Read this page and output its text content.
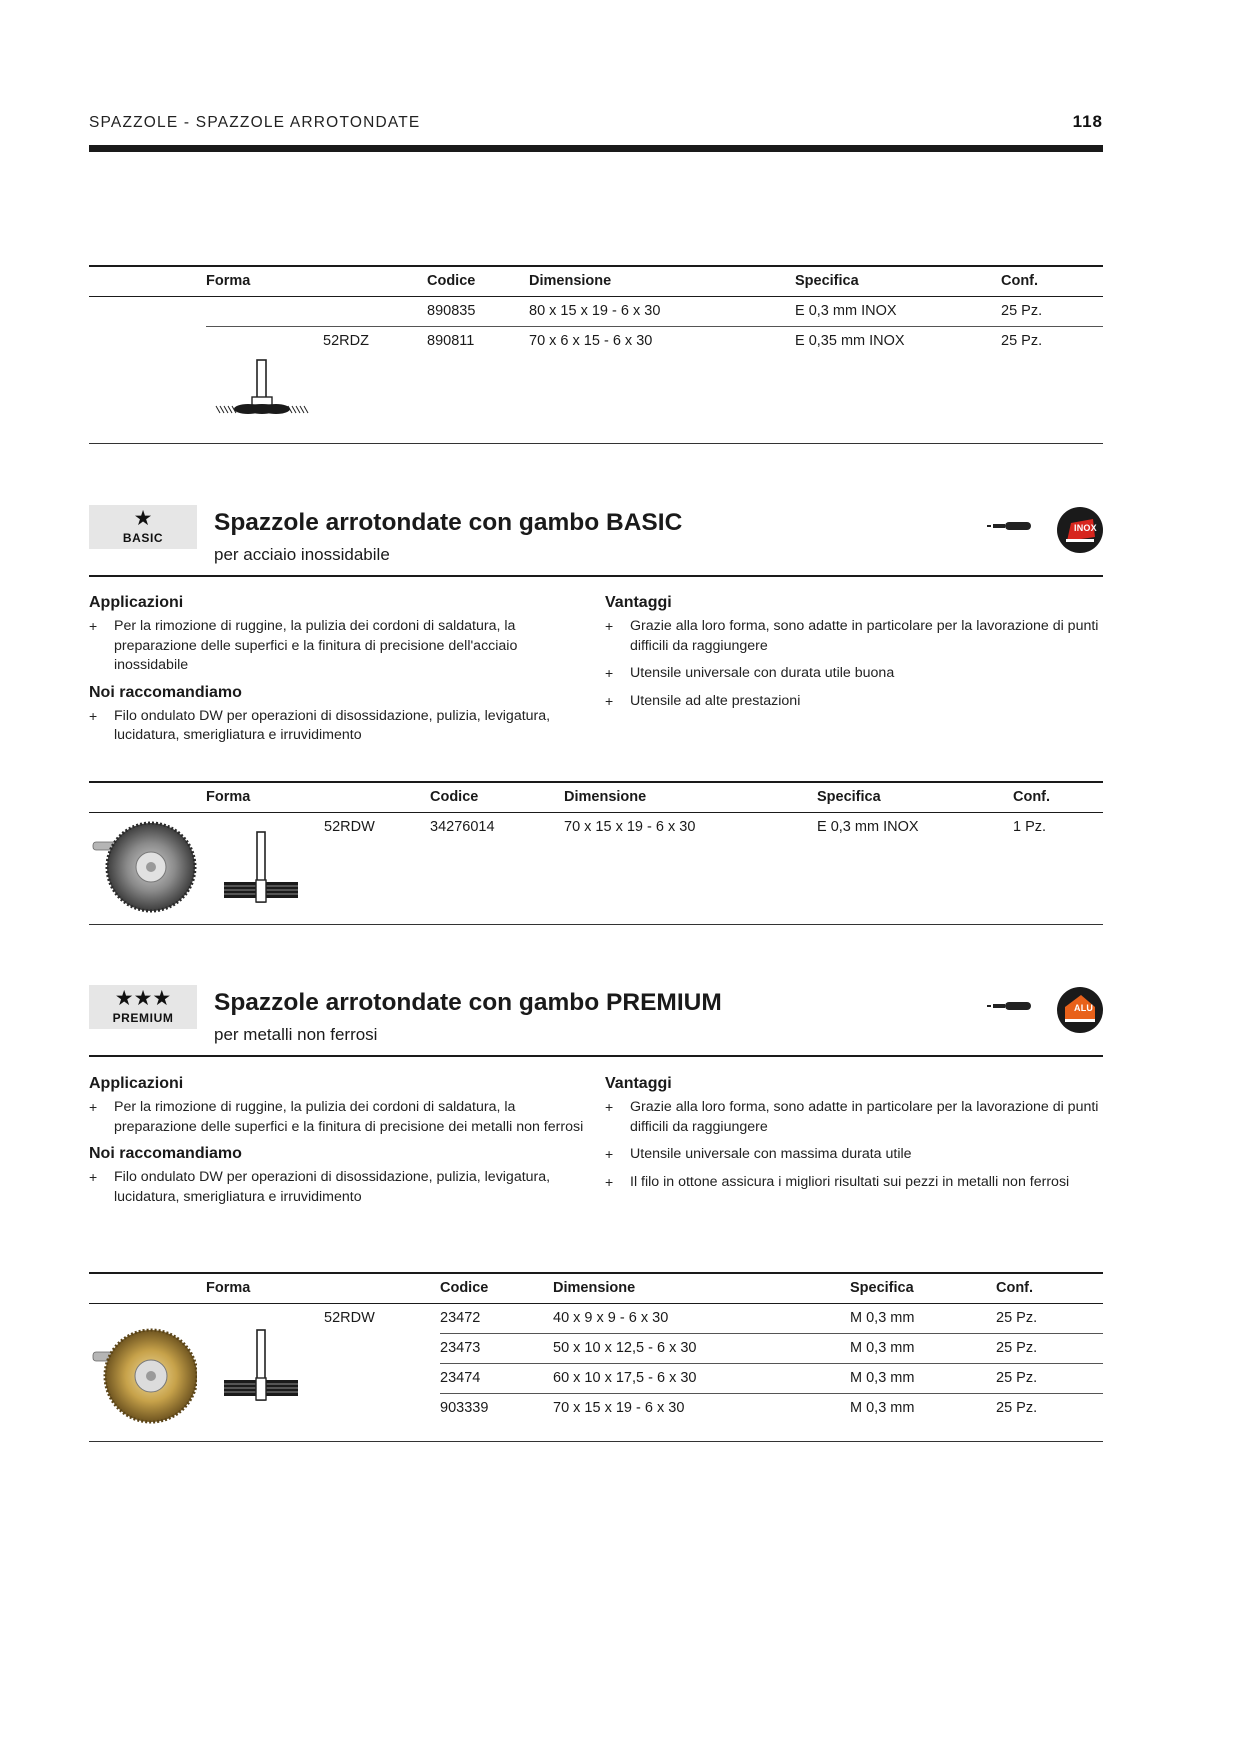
SPAZZOLE - SPAZZOLE ARROTONDATE	118
	Forma		Codice	Dimensione	Specifica	Conf.
			890835	80 x 15 x 19 - 6 x 30	E 0,3 mm INOX	25 Pz.
		52RDZ	890811	70 x 6 x 15 - 6 x 30	E 0,35 mm INOX	25 Pz.
★
BASIC
Spazzole arrotondate con gambo BASIC
per acciaio inossidabile
INOX
Applicazioni
+ Per la rimozione di ruggine, la pulizia dei cordoni di saldatura, la preparazione delle superfici e la finitura di precisione dell'acciaio inossidabile
Noi raccomandiamo
+ Filo ondulato DW per operazioni di disossidazione, pulizia, levigatura, lucidatura, smerigliatura e irruvidimento
Vantaggi
+ Grazie alla loro forma, sono adatte in particolare per la lavorazione di punti difficili da raggiungere
+ Utensile universale con durata utile buona
+ Utensile ad alte prestazioni
	Forma		Codice	Dimensione	Specifica	Conf.
		52RDW	34276014	70 x 15 x 19 - 6 x 30	E 0,3 mm INOX	1 Pz.
★★★
PREMIUM
Spazzole arrotondate con gambo PREMIUM
per metalli non ferrosi
ALU
Applicazioni
+ Per la rimozione di ruggine, la pulizia dei cordoni di saldatura, la preparazione delle superfici e la finitura di precisione dei metalli non ferrosi
Noi raccomandiamo
+ Filo ondulato DW per operazioni di disossidazione, pulizia, levigatura, lucidatura, smerigliatura e irruvidimento
Vantaggi
+ Grazie alla loro forma, sono adatte in particolare per la lavorazione di punti difficili da raggiungere
+ Utensile universale con massima durata utile
+ Il filo in ottone assicura i migliori risultati sui pezzi in metalli non ferrosi
	Forma		Codice	Dimensione	Specifica	Conf.
		52RDW	23472	40 x 9 x 9 - 6 x 30	M 0,3 mm	25 Pz.
			23473	50 x 10 x 12,5 - 6 x 30	M 0,3 mm	25 Pz.
			23474	60 x 10 x 17,5 - 6 x 30	M 0,3 mm	25 Pz.
			903339	70 x 15 x 19 - 6 x 30	M 0,3 mm	25 Pz.
